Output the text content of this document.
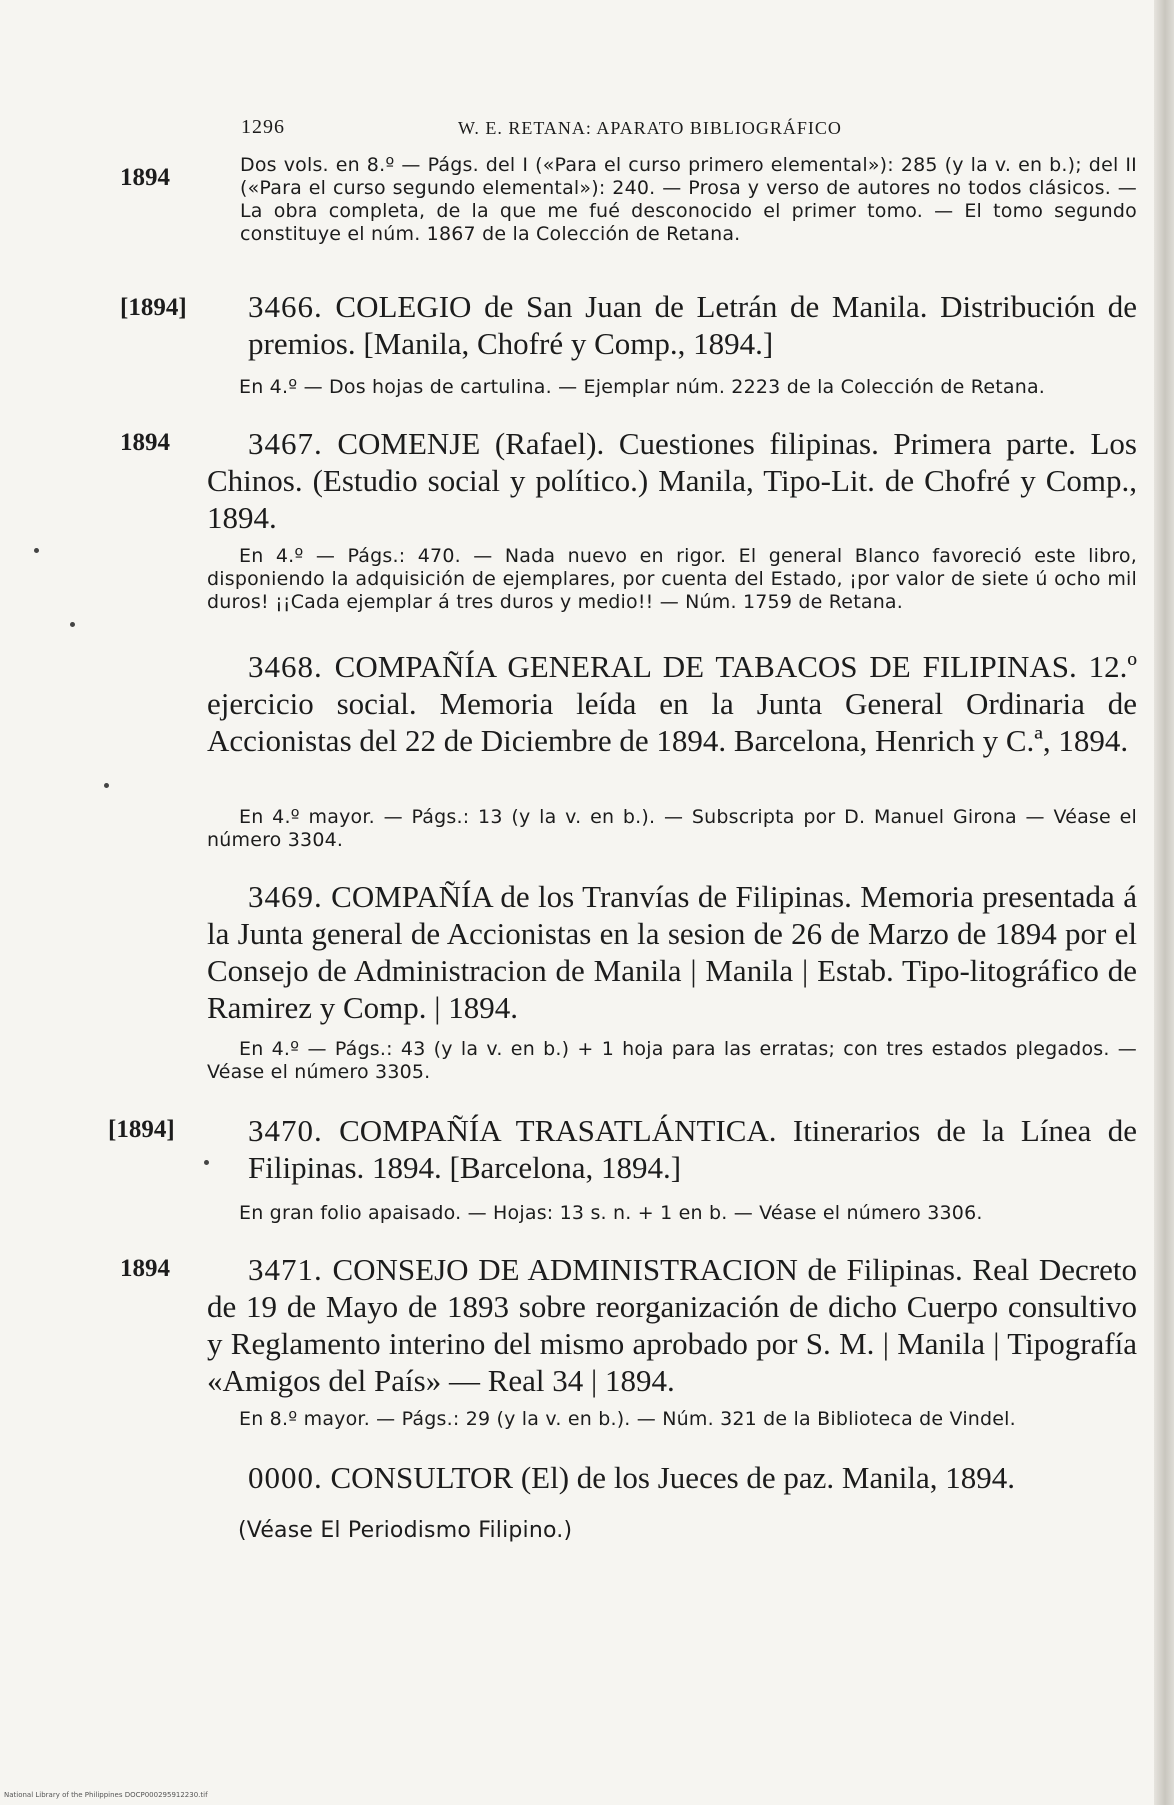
1296	W. E. RETANA: APARATO BIBLIOGRÁFICO
1894	Dos vols. en 8.º — Págs. del I («Para el curso primero elemental»): 285 (y la v. en b.); del II («Para el curso segundo elemental»): 240. — Prosa y verso de autores no todos clásicos. — La obra completa, de la que me fué desconocido el primer tomo. — El tomo segundo constituye el núm. 1867 de la Colección de Retana.
[1894] 3466. COLEGIO de San Juan de Letrán de Manila. Distribución de premios. [Manila, Chofré y Comp., 1894.]
En 4.º — Dos hojas de cartulina. — Ejemplar núm. 2223 de la Colección de Retana.
1894	3467. COMENJE (Rafael). Cuestiones filipinas. Primera parte. Los Chinos. (Estudio social y político.) Manila, Tipo-Lit. de Chofré y Comp., 1894.
En 4.º — Págs.: 470. — Nada nuevo en rigor. El general Blanco favoreció este libro, disponiendo la adquisición de ejemplares, por cuenta del Estado, ¡por valor de siete ú ocho mil duros! ¡¡Cada ejemplar á tres duros y medio!! — Núm. 1759 de Retana.
3468. COMPAÑÍA GENERAL DE TABACOS DE FILIPINAS. 12.º ejercicio social. Memoria leída en la Junta General Ordinaria de Accionistas del 22 de Diciembre de 1894. Barcelona, Henrich y C.ª, 1894.
En 4.º mayor. — Págs.: 13 (y la v. en b.). — Subscripta por D. Manuel Girona — Véase el número 3304.
3469. COMPAÑÍA de los Tranvías de Filipinas. Memoria presentada á la Junta general de Accionistas en la sesion de 26 de Marzo de 1894 por el Consejo de Administracion de Manila | Manila | Estab. Tipo-litográfico de Ramirez y Comp. | 1894.
En 4.º — Págs.: 43 (y la v. en b.) + 1 hoja para las erratas; con tres estados plegados. — Véase el número 3305.
[1894] 3470. COMPAÑÍA TRASATLÁNTICA. Itinerarios de la Línea de Filipinas. 1894. [Barcelona, 1894.]
En gran folio apaisado. — Hojas: 13 s. n. + 1 en b. — Véase el número 3306.
1894	3471. CONSEJO DE ADMINISTRACION de Filipinas. Real Decreto de 19 de Mayo de 1893 sobre reorganización de dicho Cuerpo consultivo y Reglamento interino del mismo aprobado por S. M. | Manila | Tipografía «Amigos del País» — Real 34 | 1894.
En 8.º mayor. — Págs.: 29 (y la v. en b.). — Núm. 321 de la Biblioteca de Vindel.
0000. CONSULTOR (El) de los Jueces de paz. Manila, 1894.
(Véase El Periodismo Filipino.)
National Library of the Philippines DOCP000295912230.tif
